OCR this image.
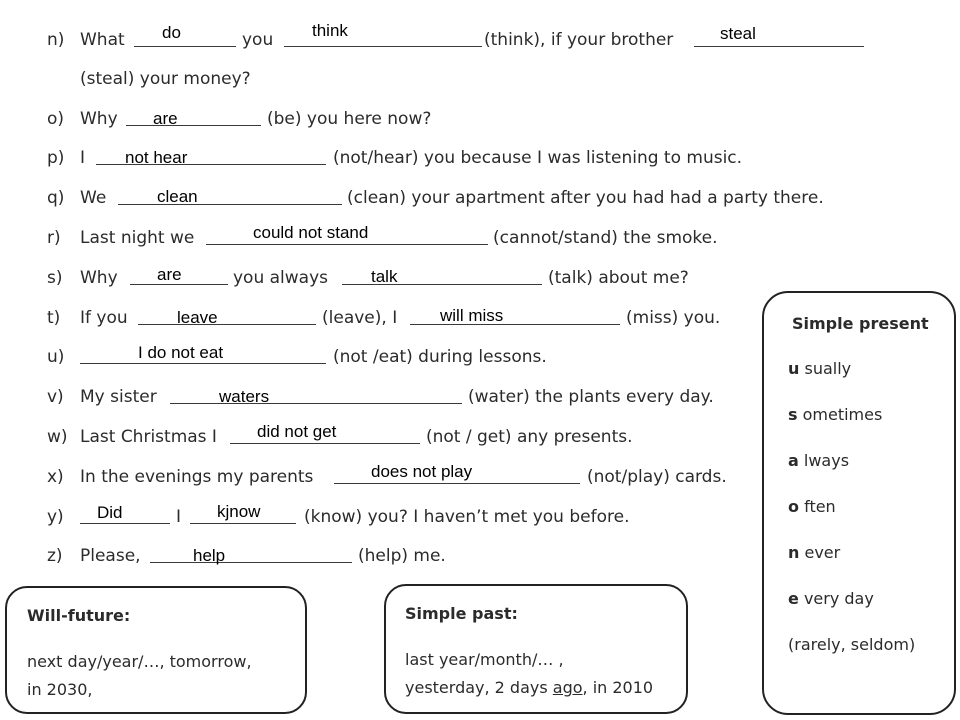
n) What	you	(think), if your brother
do	think	steal
(steal) your money?
o) Why	(be) you here now?
are
p) I	(not/hear) you because I was listening to music.
not hear
q) We	(clean) your apartment after you had had a party there.
clean
r) Last night we	(cannot/stand) the smoke.
could not stand
s) Why	you always	(talk) about me?
are	talk
t) If you	(leave), I	(miss) you.
leave	will miss
u)	(not /eat) during lessons.
I do not eat
v) My sister	(water) the plants every day.
waters
w) Last Christmas I	(not / get) any presents.
did not get
x) In the evenings my parents	(not/play) cards.
does not play
y)	I	(know) you? I haven’t met you before.
Did	kjnow
z) Please,	(help) me.
help
Will-future:
next day/year/…, tomorrow,
in 2030,
Simple past:
last year/month/… ,
yesterday, 2 days ago, in 2010
Simple present
u sually
s ometimes
a lways
o ften
n ever
e very day
(rarely, seldom)
